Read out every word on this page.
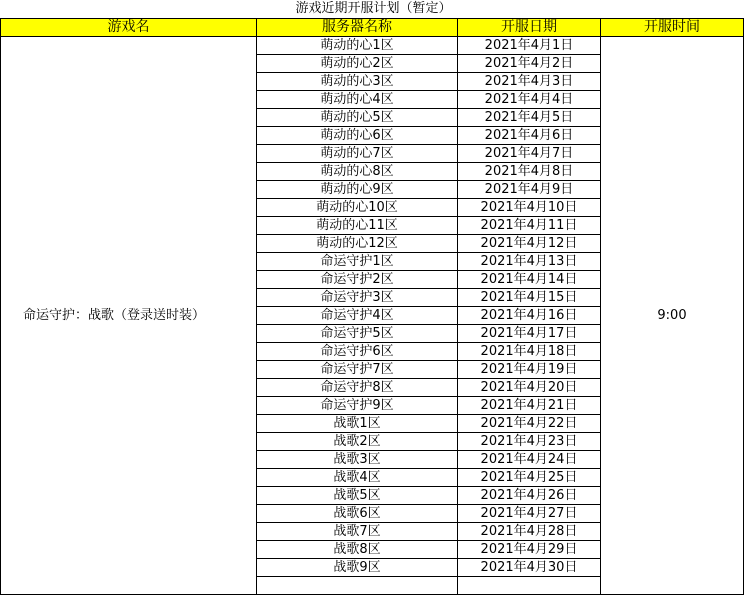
游戏近期开服计划（暂定）
游戏名	服务器名称	开服日期	开服时间
命运守护：战歌（登录送时装）	萌动的心1区	2021年4月1日	9:00
	萌动的心2区	2021年4月2日	
	萌动的心3区	2021年4月3日	
	萌动的心4区	2021年4月4日	
	萌动的心5区	2021年4月5日	
	萌动的心6区	2021年4月6日	
	萌动的心7区	2021年4月7日	
	萌动的心8区	2021年4月8日	
	萌动的心9区	2021年4月9日	
	萌动的心10区	2021年4月10日	
	萌动的心11区	2021年4月11日	
	萌动的心12区	2021年4月12日	
	命运守护1区	2021年4月13日	
	命运守护2区	2021年4月14日	
	命运守护3区	2021年4月15日	
	命运守护4区	2021年4月16日	
	命运守护5区	2021年4月17日	
	命运守护6区	2021年4月18日	
	命运守护7区	2021年4月19日	
	命运守护8区	2021年4月20日	
	命运守护9区	2021年4月21日	
	战歌1区	2021年4月22日	
	战歌2区	2021年4月23日	
	战歌3区	2021年4月24日	
	战歌4区	2021年4月25日	
	战歌5区	2021年4月26日	
	战歌6区	2021年4月27日	
	战歌7区	2021年4月28日	
	战歌8区	2021年4月29日	
	战歌9区	2021年4月30日	
